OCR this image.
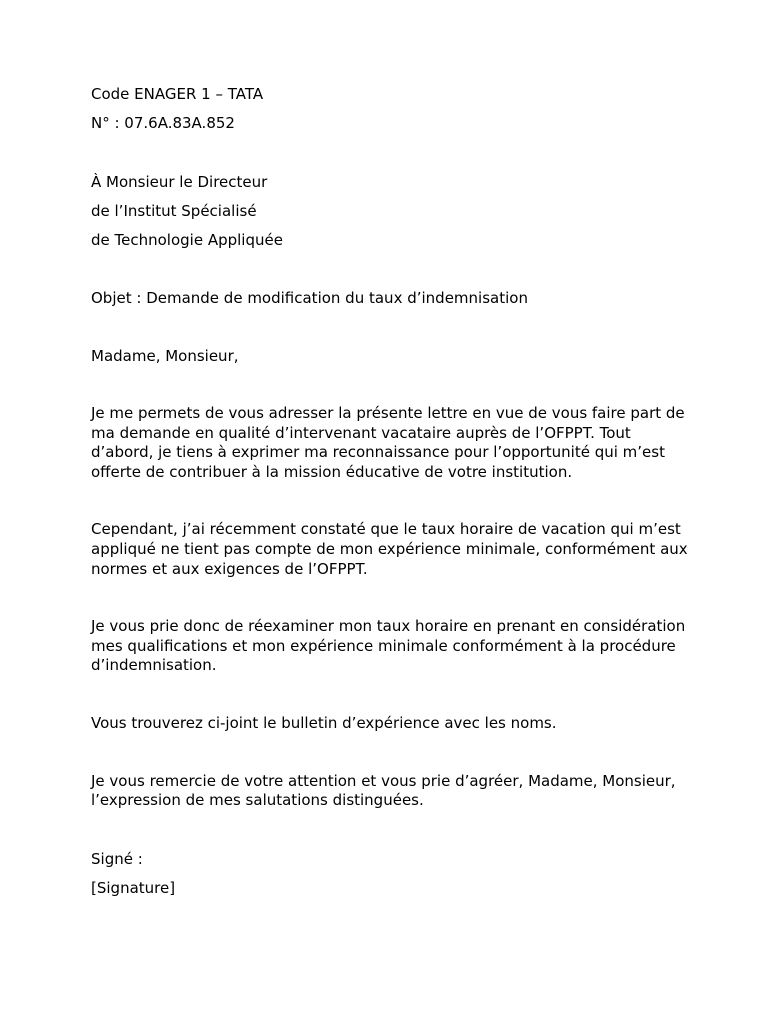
Code ENAGER 1 – TATA
N° : 07.6A.83A.852
À Monsieur le Directeur
de l’Institut Spécialisé
de Technologie Appliquée
Objet : Demande de modification du taux d’indemnisation
Madame, Monsieur,
Je me permets de vous adresser la présente lettre en vue de vous faire part de ma demande en qualité d’intervenant vacataire auprès de l’OFPPT. Tout d’abord, je tiens à exprimer ma reconnaissance pour l’opportunité qui m’est offerte de contribuer à la mission éducative de votre institution.
Cependant, j’ai récemment constaté que le taux horaire de vacation qui m’est appliqué ne tient pas compte de mon expérience minimale, conformément aux normes et aux exigences de l’OFPPT.
Je vous prie donc de réexaminer mon taux horaire en prenant en considération mes qualifications et mon expérience minimale conformément à la procédure d’indemnisation.
Vous trouverez ci-joint le bulletin d’expérience avec les noms.
Je vous remercie de votre attention et vous prie d’agréer, Madame, Monsieur, l’expression de mes salutations distinguées.
Signé :
[Signature]
